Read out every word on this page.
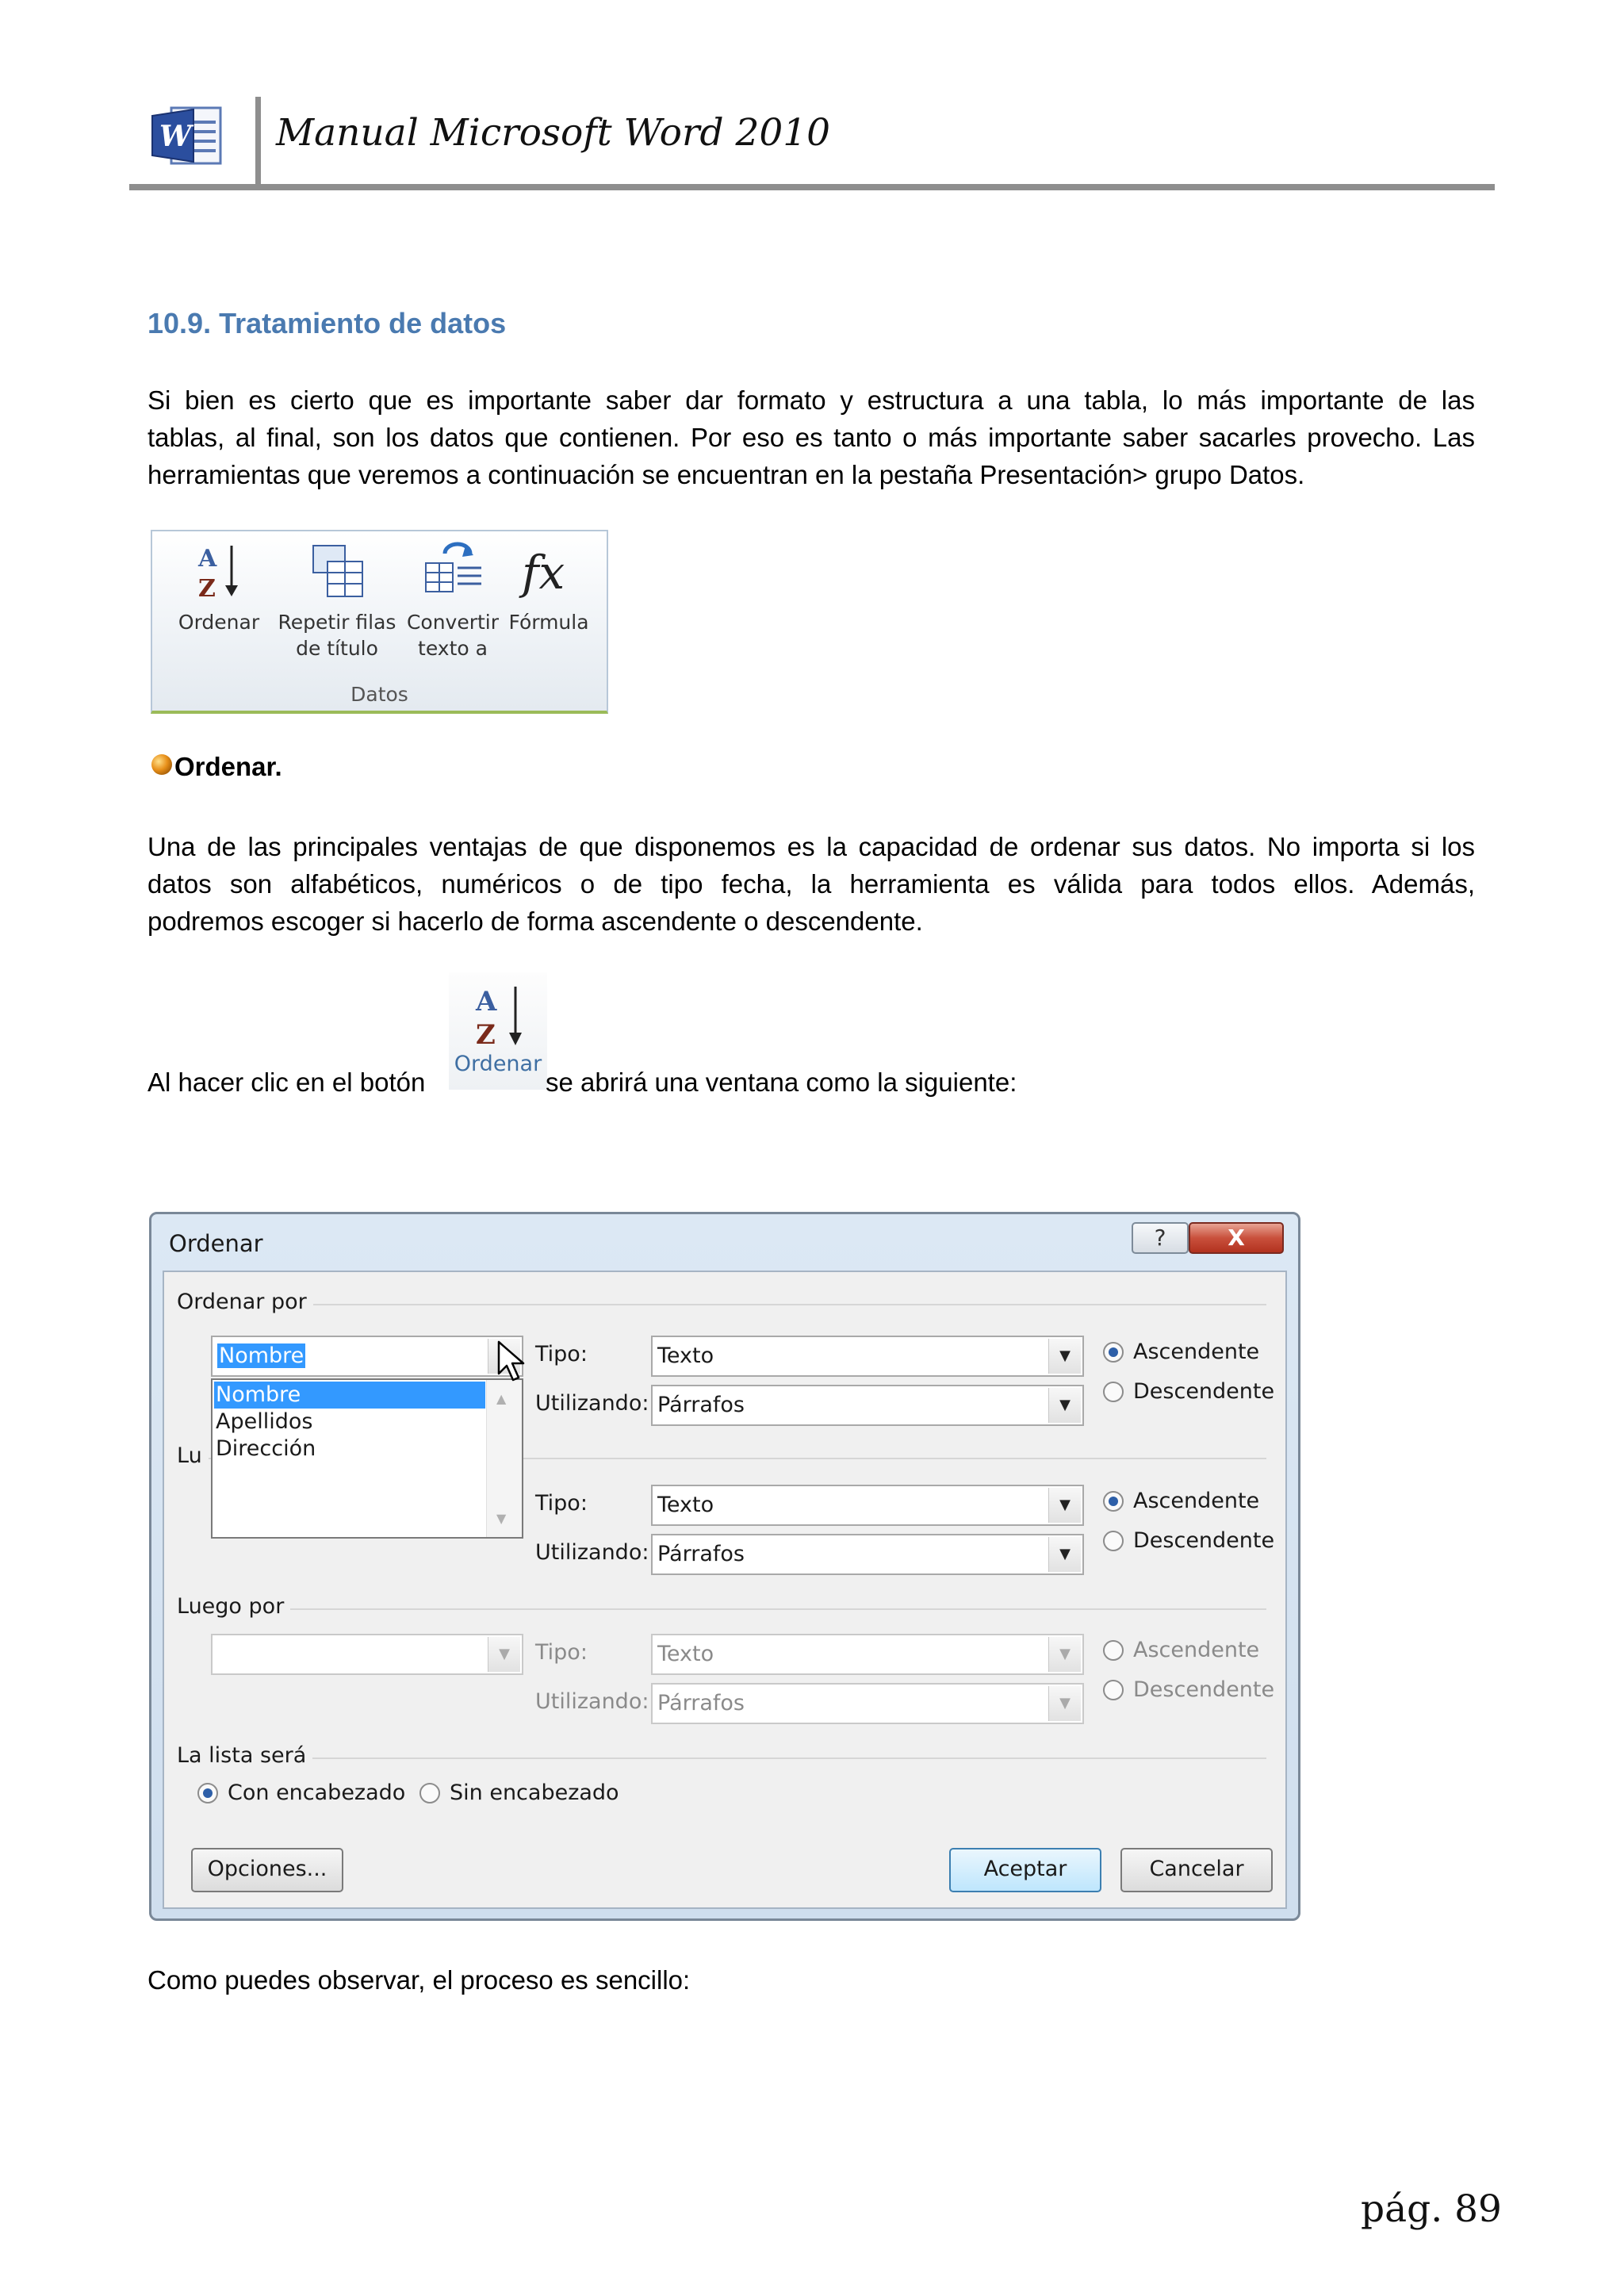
W Manual Microsoft Word 2010
10.9. Tratamiento de datos
Si bien es cierto que es importante saber dar formato y estructura a una tabla, lo más importante de las
tablas, al final, son los datos que contienen. Por eso es tanto o más importante saber sacarles provecho. Las
herramientas que veremos a continuación se encuentran en la pestaña Presentación> grupo Datos.
A
Z
Ordenar Repetir filas
de título
Convertir
texto a
fx
Fórmula
Datos
Ordenar.
Una de las principales ventajas de que disponemos es la capacidad de ordenar sus datos. No importa si los
datos son alfabéticos, numéricos o de tipo fecha, la herramienta es válida para todos ellos. Además,
podremos escoger si hacerlo de forma ascendente o descendente.
Al hacer clic en el botón
A
Z
Ordenar
se abrirá una ventana como la siguiente:
Ordenar	?	X
Ordenar por
Nombre	Tipo:	Texto	▼
Utilizando: Párrafos	▼
Ascendente
Descendente
Lu
Tipo:	Texto	▼
Utilizando: Párrafos	▼
Ascendente
Descendente
Luego por
▼	Tipo:	Texto	▼
Utilizando: Párrafos	▼
Ascendente
Descendente
La lista será
Con encabezado	Sin encabezado
Opciones...	Aceptar	Cancelar
Nombre
Apellidos
Dirección
▲
▼
Como puedes observar, el proceso es sencillo:
pág. 89
